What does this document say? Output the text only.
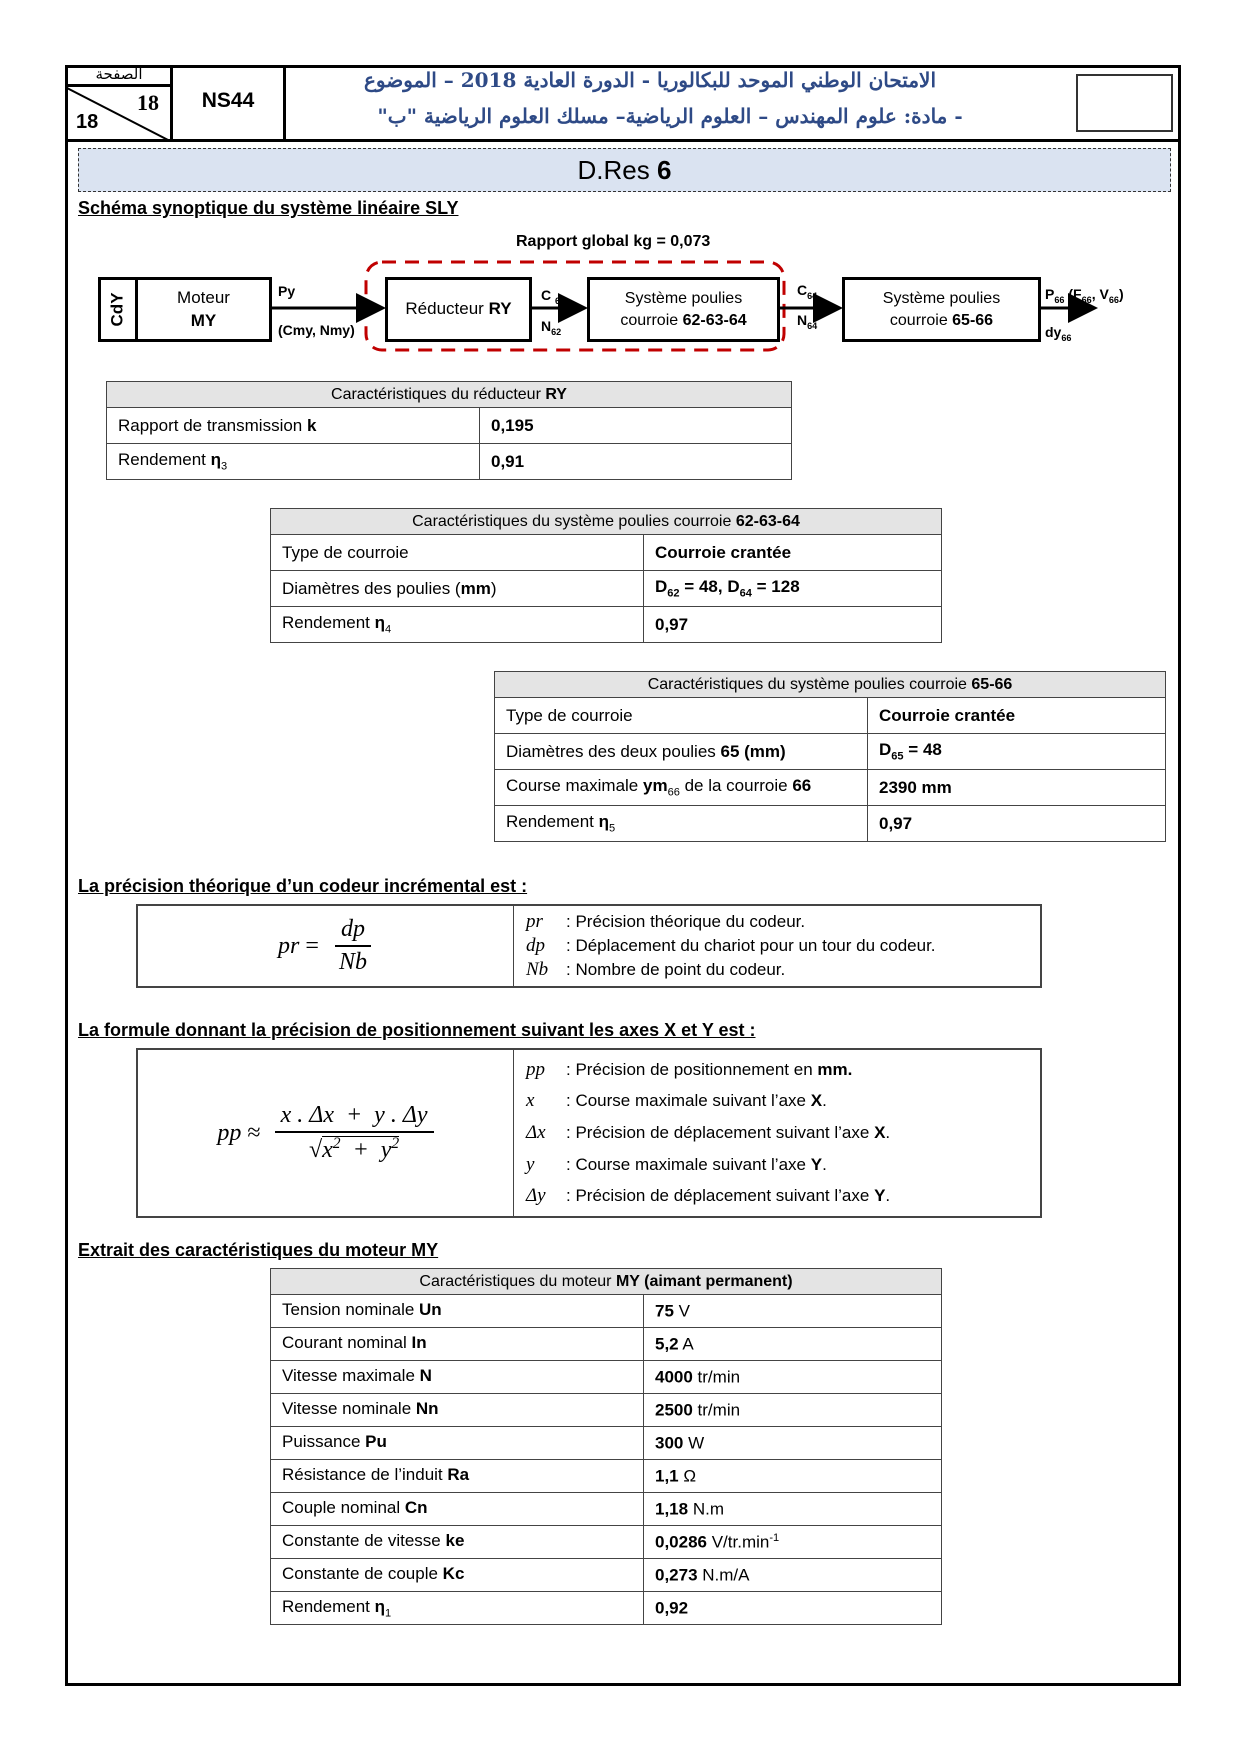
الصفحة
18
18
NS44
الامتحان الوطني الموحد للبكالوريا - الدورة العادية 2018 – الموضوع
- مادة: علوم المهندس – العلوم الرياضية– مسلك العلوم الرياضية "ب"
D.Res 6
Schéma synoptique du système linéaire SLY
Rapport global kg = 0,073
CdY	Moteur
MY
Réducteur RY
Système poulies
courroie 62-63-64
Système poulies
courroie 65-66
Py
(Cmy, Nmy)
C $_{62}$
$N_{62}$
$C_{64}$
$N_{64}$
$P_{66}$ ($F_{66}$, $V_{66}$)
$dy_{66}$
Caractéristiques du réducteur RY	
Rapport de transmission k	0,195
Rendement $\eta_3$	0,91
Caractéristiques du système poulies courroie 62-63-64	
Type de courroie	Courroie crantée
Diamètres des poulies (mm)	$D_{62} = 48$, $D_{64} = 128$
Rendement $\eta_4$	0,97
Caractéristiques du système poulies courroie 65-66	
Type de courroie	Courroie crantée
Diamètres des deux poulies 65 (mm)	$D_{65} = 48$
Course maximale $ym_{66}$ de la courroie 66	2390 mm
Rendement $\eta_5$	0,97
La précision théorique d’un codeur incrémental est :
pr
= $\frac{dp}{Nb}$	pr : Précision théorique du codeur.
dp : Déplacement du chariot pour un tour du codeur.
Nb : Nombre de point du codeur.
La formule donnant la précision de positionnement suivant les axes X et Y est :
pp
≈ $\frac{x . \Delta x + y . \Delta y}{√x^2 + y^2}$
pp : Précision de positionnement en mm.
x : Course maximale suivant l’axe X.
Δx : Précision de déplacement suivant l’axe X.
y : Course maximale suivant l’axe Y.
Δy : Précision de déplacement suivant l’axe Y.
Extrait des caractéristiques du moteur MY
Caractéristiques du moteur MY (aimant permanent)	
Tension nominale Un	75 V
Courant nominal In	5,2 A
Vitesse maximale N	4000 tr/min
Vitesse nominale Nn	2500 tr/min
Puissance Pu	300 W
Résistance de l’induit Ra	1,1 Ω
Couple nominal Cn	1,18 N.m
Constante de vitesse ke	0,0286 $V/tr.\min^{-1}$
Constante de couple Kc	0,273 N.m/A
Rendement $\eta_1$	0,92
